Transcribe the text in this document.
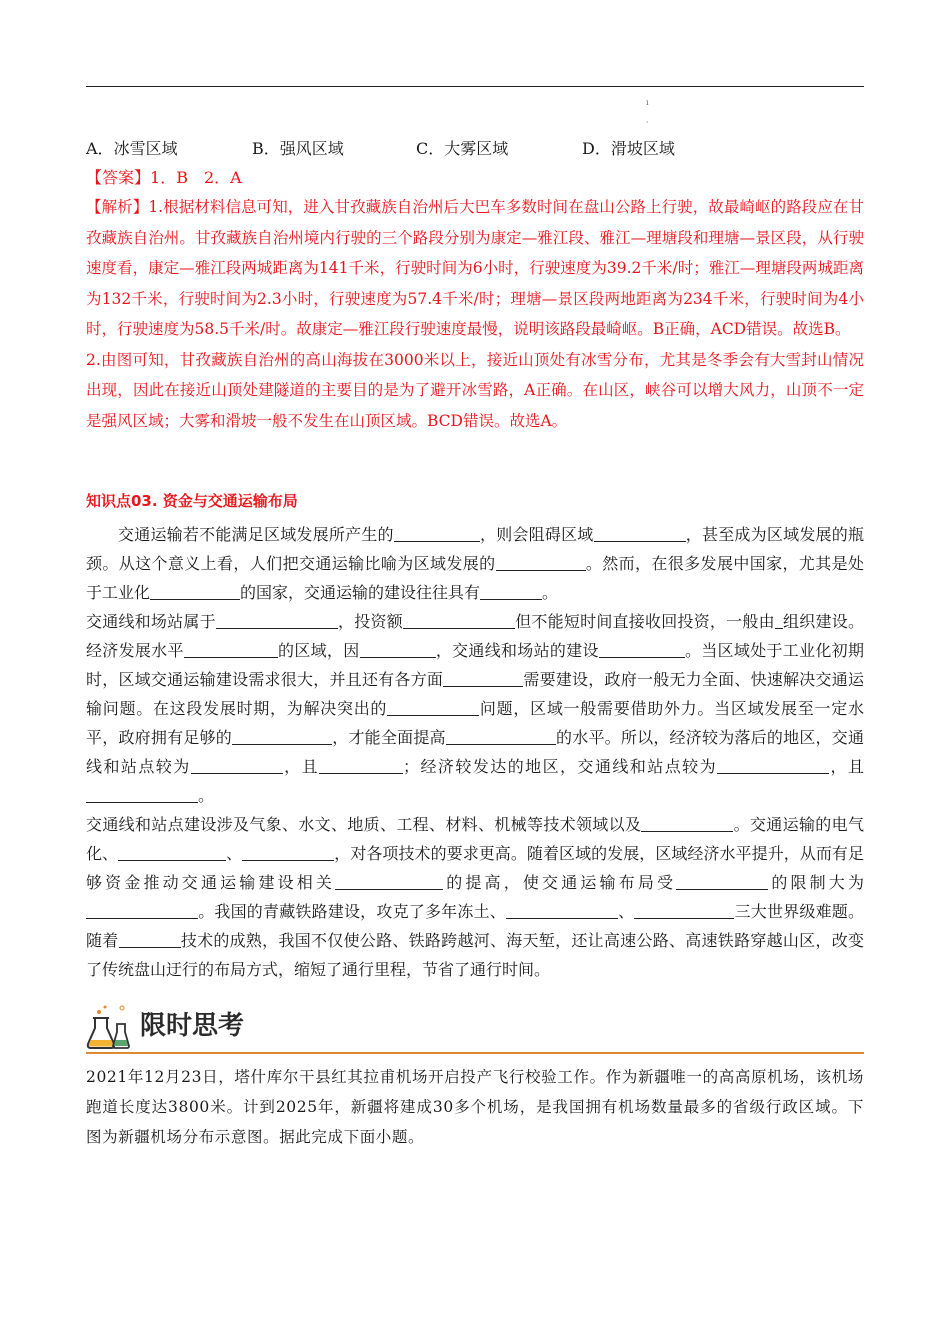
ı
·
A．冰雪区域	B．强风区域	C．大雾区域	D．滑坡区域
【答案】1．B　2．A

【解析】1.根据材料信息可知，进入甘孜藏族自治州后大巴车多数时间在盘山公路上行驶，故最崎岖的路段应在甘孜藏族自治州。甘孜藏族自治州境内行驶的三个路段分别为康定—雅江段、雅江—理塘段和理塘—景区段，从行驶速度看，康定—雅江段两城距离为141千米，行驶时间为6小时，行驶速度为39.2千米/时；雅江—理塘段两城距离为132千米，行驶时间为2.3小时，行驶速度为57.4千米/时；理塘—景区段两地距离为234千米，行驶时间为4小时，行驶速度为58.5千米/时。故康定—雅江段行驶速度最慢，说明该路段最崎岖。B正确，ACD错误。故选B。

2.由图可知，甘孜藏族自治州的高山海拔在3000米以上，接近山顶处有冰雪分布，尤其是冬季会有大雪封山情况出现，因此在接近山顶处建隧道的主要目的是为了避开冰雪路，A正确。在山区，峡谷可以增大风力，山顶不一定是强风区域；大雾和滑坡一般不发生在山顶区域。BCD错误。故选A。

知识点03. 资金与交通运输布局

交通运输若不能满足区域发展所产生的	，则会阻碍区域	，甚至成为区域发展的瓶颈。从这个意义上看，人们把交通运输比喻为区域发展的	。然而，在很多发展中国家，尤其是处于工业化	的国家，交通运输的建设往往具有	。

交通线和场站属于	，投资额	但不能短时间直接收回投资，一般由 组织建设。经济发展水平	的区域，因	，交通线和场站的建设	。当区域处于工业化初期时，区域交通运输建设需求很大，并且还有各方面	需要建设，政府一般无力全面、快速解决交通运输问题。在这段发展时期，为解决突出的	问题，区域一般需要借助外力。当区域发展至一定水平，政府拥有足够的	，才能全面提高	的水平。所以，经济较为落后的地区，交通线和站点较为	，且	；经济较发达的地区，交通线和站点较为	，且。

交通线和站点建设涉及气象、水文、地质、工程、材料、机械等技术领域以及	。交通运输的电气化、	、	，对各项技术的要求更高。随着区域的发展，区域经济水平提升，从而有足够资金推动交通运输建设相关	的提高，使交通运输布局受	的限制大为。我国的青藏铁路建设，攻克了多年冻土、	、	三大世界级难题。随着	技术的成熟，我国不仅使公路、铁路跨越河、海天堑，还让高速公路、高速铁路穿越山区，改变了传统盘山迂行的布局方式，缩短了通行里程，节省了通行时间。

限时思考

2021年12月23日，塔什库尔干县红其拉甫机场开启投产飞行校验工作。作为新疆唯一的高高原机场，该机场跑道长度达3800米。计到2025年，新疆将建成30多个机场，是我国拥有机场数量最多的省级行政区域。下图为新疆机场分布示意图。据此完成下面小题。
